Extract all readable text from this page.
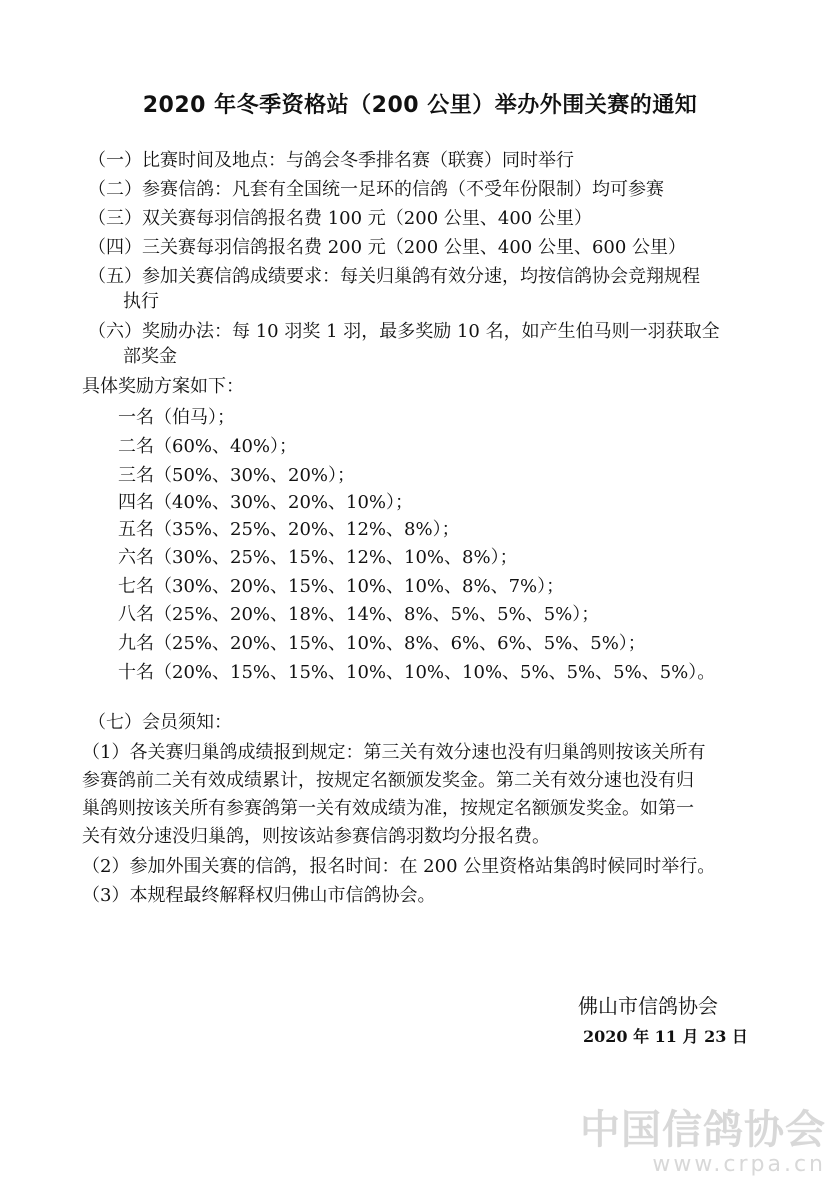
2020 年冬季资格站（200 公里）举办外围关赛的通知
（一）比赛时间及地点：与鸽会冬季排名赛（联赛）同时举行
（二）参赛信鸽：凡套有全国统一足环的信鸽（不受年份限制）均可参赛
（三）双关赛每羽信鸽报名费 100 元（200 公里、400 公里）
（四）三关赛每羽信鸽报名费 200 元（200 公里、400 公里、600 公里）
（五）参加关赛信鸽成绩要求：每关归巢鸽有效分速，均按信鸽协会竞翔规程
执行
（六）奖励办法：每 10 羽奖 1 羽，最多奖励 10 名，如产生伯马则一羽获取全
部奖金
具体奖励方案如下：
一名（伯马）；
二名（60%、40%）；
三名（50%、30%、20%）；
四名（40%、30%、20%、10%）；
五名（35%、25%、20%、12%、8%）；
六名（30%、25%、15%、12%、10%、8%）；
七名（30%、20%、15%、10%、10%、8%、7%）；
八名（25%、20%、18%、14%、8%、5%、5%、5%）；
九名（25%、20%、15%、10%、8%、6%、6%、5%、5%）；
十名（20%、15%、15%、10%、10%、10%、5%、5%、5%、5%）。
（七）会员须知：
（1）各关赛归巢鸽成绩报到规定：第三关有效分速也没有归巢鸽则按该关所有
参赛鸽前二关有效成绩累计，按规定名额颁发奖金。第二关有效分速也没有归
巢鸽则按该关所有参赛鸽第一关有效成绩为准，按规定名额颁发奖金。如第一
关有效分速没归巢鸽，则按该站参赛信鸽羽数均分报名费。
（2）参加外围关赛的信鸽，报名时间：在 200 公里资格站集鸽时候同时举行。
（3）本规程最终解释权归佛山市信鸽协会。
佛山市信鸽协会
2020 年 11 月 23 日
中国信鸽协会
www.crpa.cn
